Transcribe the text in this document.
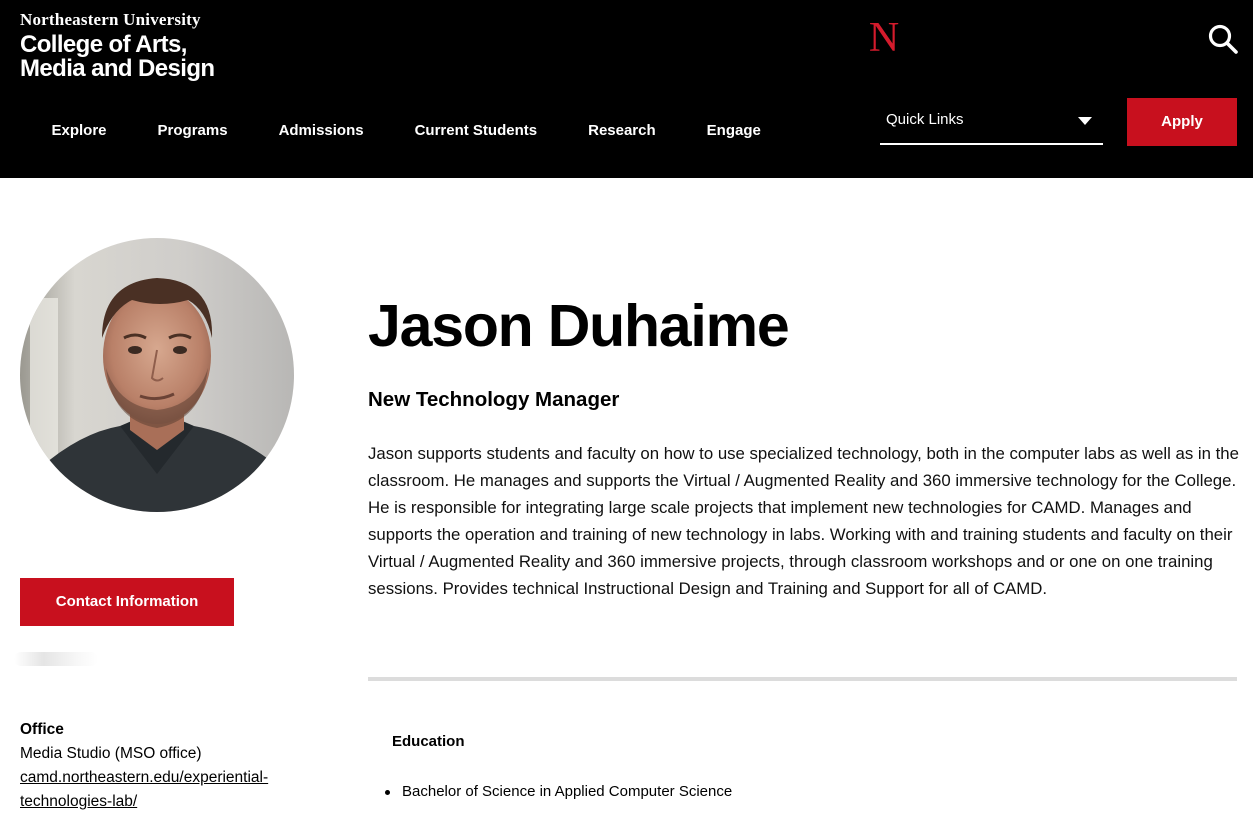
Northeastern University
College of Arts,
Media and Design
N
Explore	Programs	Admissions	Current Students	Research	Engage
Quick Links	Apply
Contact Information
Office
Media Studio (MSO office)
camd.northeastern.edu/experiential-technologies-lab/
Jason Duhaime
New Technology Manager

Jason supports students and faculty on how to use specialized technology, both in the computer labs as well as in the classroom. He manages and supports the Virtual / Augmented Reality and 360 immersive technology for the College. He is responsible for integrating large scale projects that implement new technologies for CAMD. Manages and supports the operation and training of new technology in labs. Working with and training students and faculty on their Virtual / Augmented Reality and 360 immersive projects, through classroom workshops and or one on one training sessions. Provides technical Instructional Design and Training and Support for all of CAMD.

Education
Bachelor of Science in Applied Computer Science
